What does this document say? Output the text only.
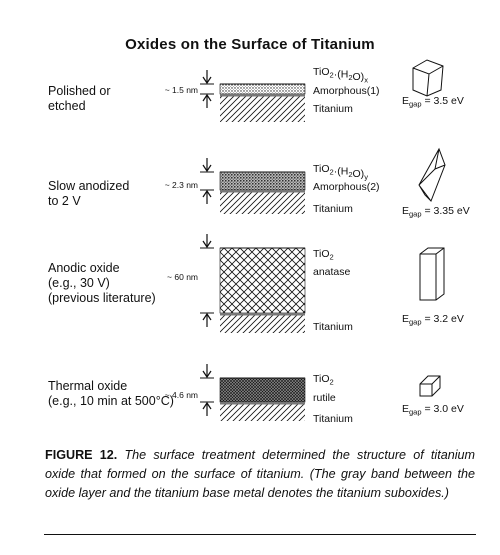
Oxides on the Surface of Titanium
Polished or
etched
~ 1.5 nm
$TiO_2\cdot(H_2O)_x$
Amorphous(1)
Titanium
$E_{gap} = 3.5$ eV
Slow anodized
to 2 V
~ 2.3 nm
$TiO_2\cdot(H_2O)_y$
Amorphous(2)
Titanium	$E_{gap} = 3.35$ eV
Anodic oxide
(e.g., 30 V)
(previous literature)
~ 60 nm
TiO$_2$
anatase
Titanium
$E_{gap} = 3.2$ eV
Thermal oxide
(e.g., 10 min at 500°C)
~ 4.6 nm
TiO$_2$
rutile
Titanium
$E_{gap} = 3.0$ eV
FIGURE 12. The surface treatment determined the structure of titanium oxide that formed on the surface of titanium. (The gray band between the oxide layer and the titanium base metal denotes the titanium suboxides.)
